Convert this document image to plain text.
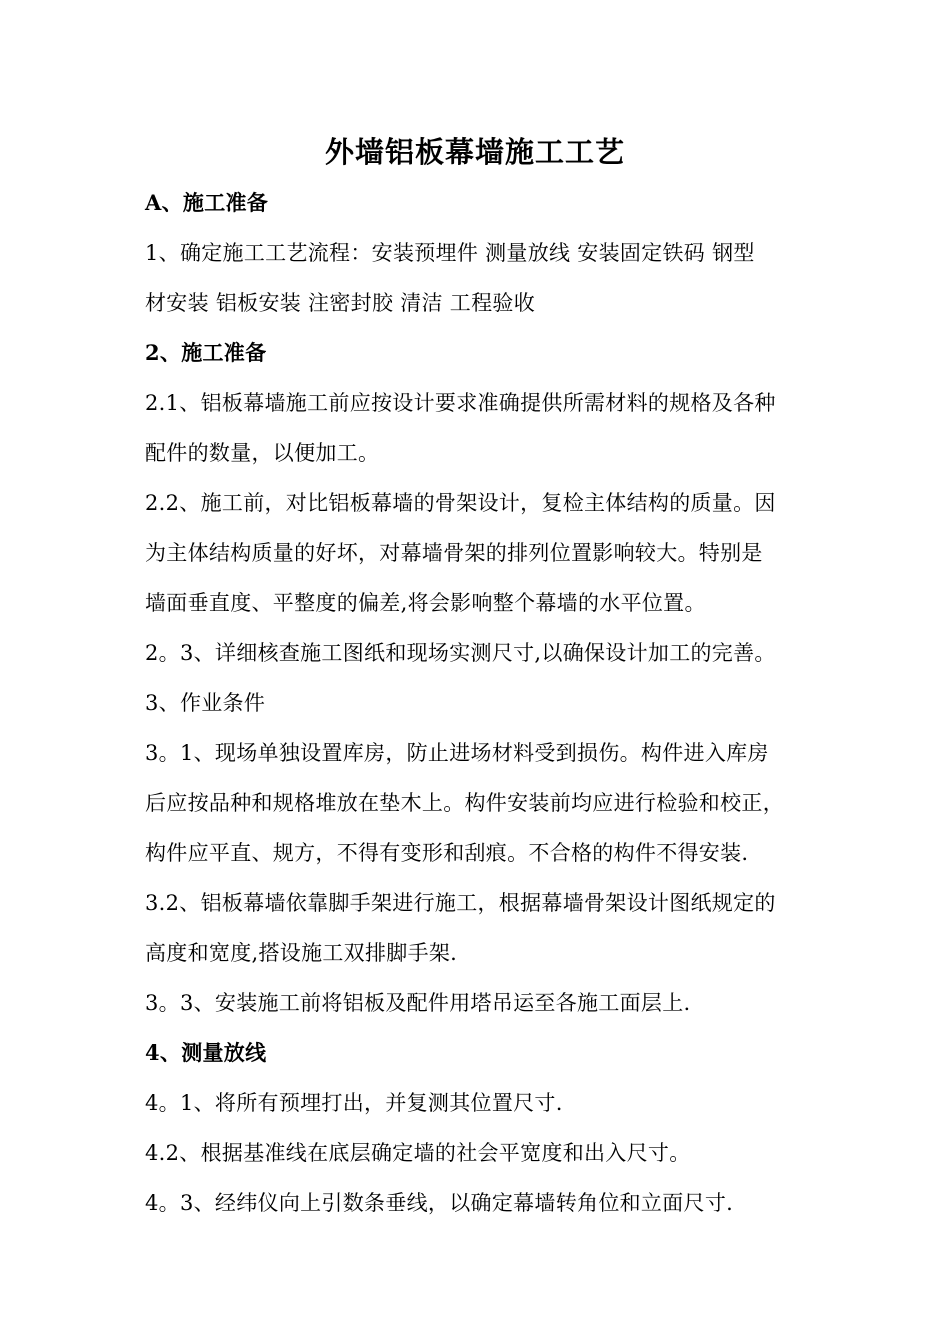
外墙铝板幕墙施工工艺
A、施工准备
1、确定施工工艺流程：安装预埋件 测量放线 安装固定铁码 钢型
材安装 铝板安装 注密封胶 清洁 工程验收
2、施工准备
2.1、铝板幕墙施工前应按设计要求准确提供所需材料的规格及各种
配件的数量，以便加工。
2.2、施工前，对比铝板幕墙的骨架设计，复检主体结构的质量。因
为主体结构质量的好坏，对幕墙骨架的排列位置影响较大。特别是
墙面垂直度、平整度的偏差,将会影响整个幕墙的水平位置。
2。3、详细核查施工图纸和现场实测尺寸,以确保设计加工的完善。
3、作业条件
3。1、现场单独设置库房，防止进场材料受到损伤。构件进入库房
后应按品种和规格堆放在垫木上。构件安装前均应进行检验和校正，
构件应平直、规方，不得有变形和刮痕。不合格的构件不得安装.
3.2、铝板幕墙依靠脚手架进行施工，根据幕墙骨架设计图纸规定的
高度和宽度,搭设施工双排脚手架.
3。3、安装施工前将铝板及配件用塔吊运至各施工面层上.
4、测量放线
4。1、将所有预埋打出，并复测其位置尺寸.
4.2、根据基准线在底层确定墙的社会平宽度和出入尺寸。
4。3、经纬仪向上引数条垂线，以确定幕墙转角位和立面尺寸.
